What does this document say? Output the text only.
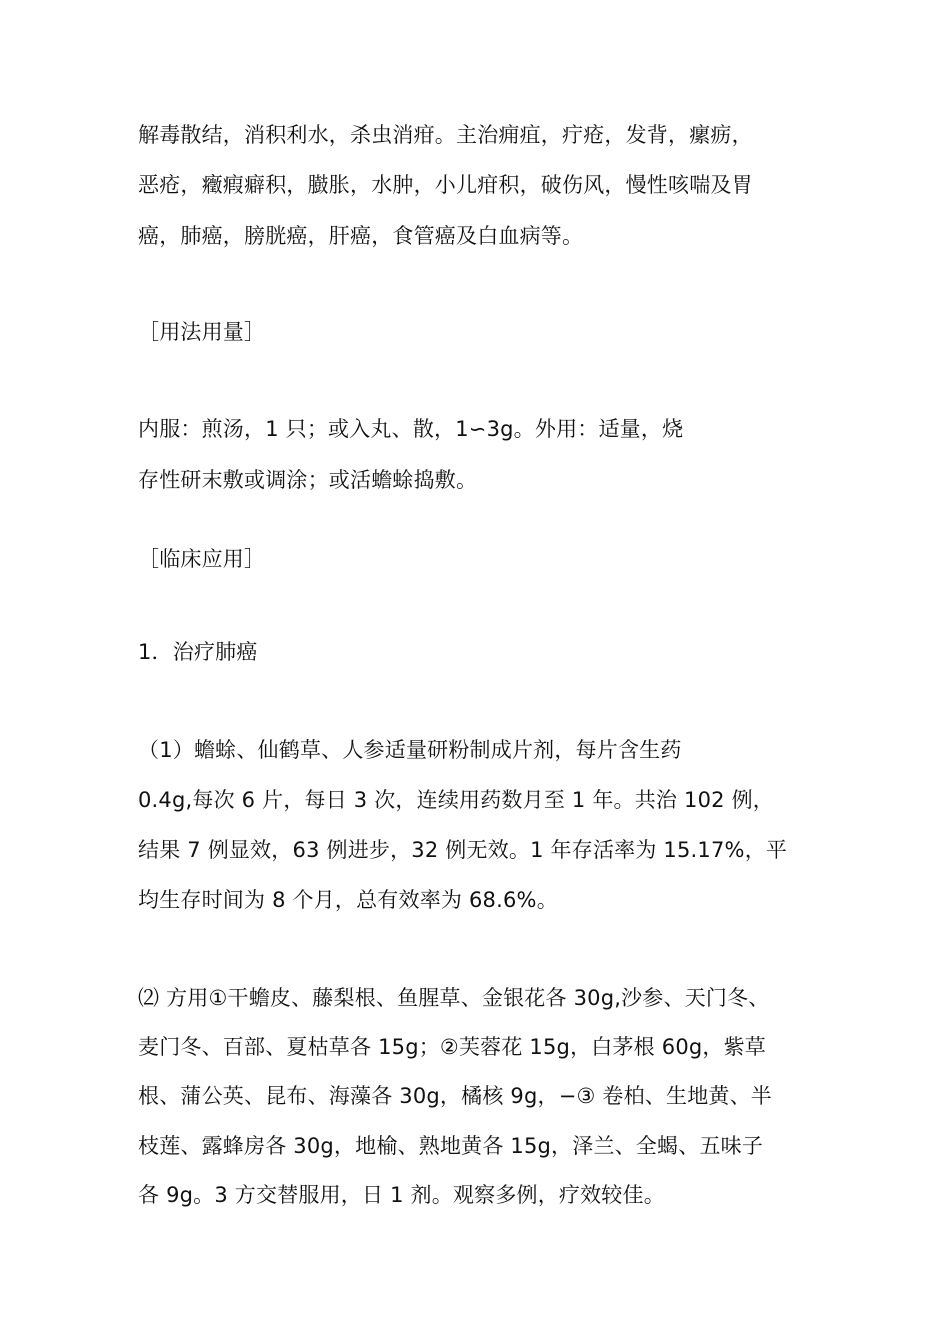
解毒散结，消积利水，杀虫消疳。主治痈疽，疔疮，发背，瘰疬，
恶疮，癥瘕癖积，臌胀，水肿，小儿疳积，破伤风，慢性咳喘及胃
癌，肺癌，膀胱癌，肝癌，食管癌及白血病等。
［用法用量］
内服：煎汤，1 只；或入丸、散，1∽3g。外用：适量，烧
存性研末敷或调涂；或活蟾蜍捣敷。
［临床应用］
1．治疗肺癌
（1）蟾蜍、仙鹤草、人参适量研粉制成片剂，每片含生药
0.4g,每次 6 片，每日 3 次，连续用药数月至 1 年。共治 102 例，
结果 7 例显效，63 例进步，32 例无效。1 年存活率为 15.17%，平
均生存时间为 8 个月，总有效率为 68.6%。
⑵ 方用①干蟾皮、藤梨根、鱼腥草、金银花各 30g,沙参、天门冬、
麦门冬、百部、夏枯草各 15g；②芙蓉花 15g，白茅根 60g，紫草
根、蒲公英、昆布、海藻各 30g，橘核 9g，−③ 卷柏、生地黄、半
枝莲、露蜂房各 30g，地榆、熟地黄各 15g，泽兰、全蝎、五味子
各 9g。3 方交替服用，日 1 剂。观察多例，疗效较佳。
